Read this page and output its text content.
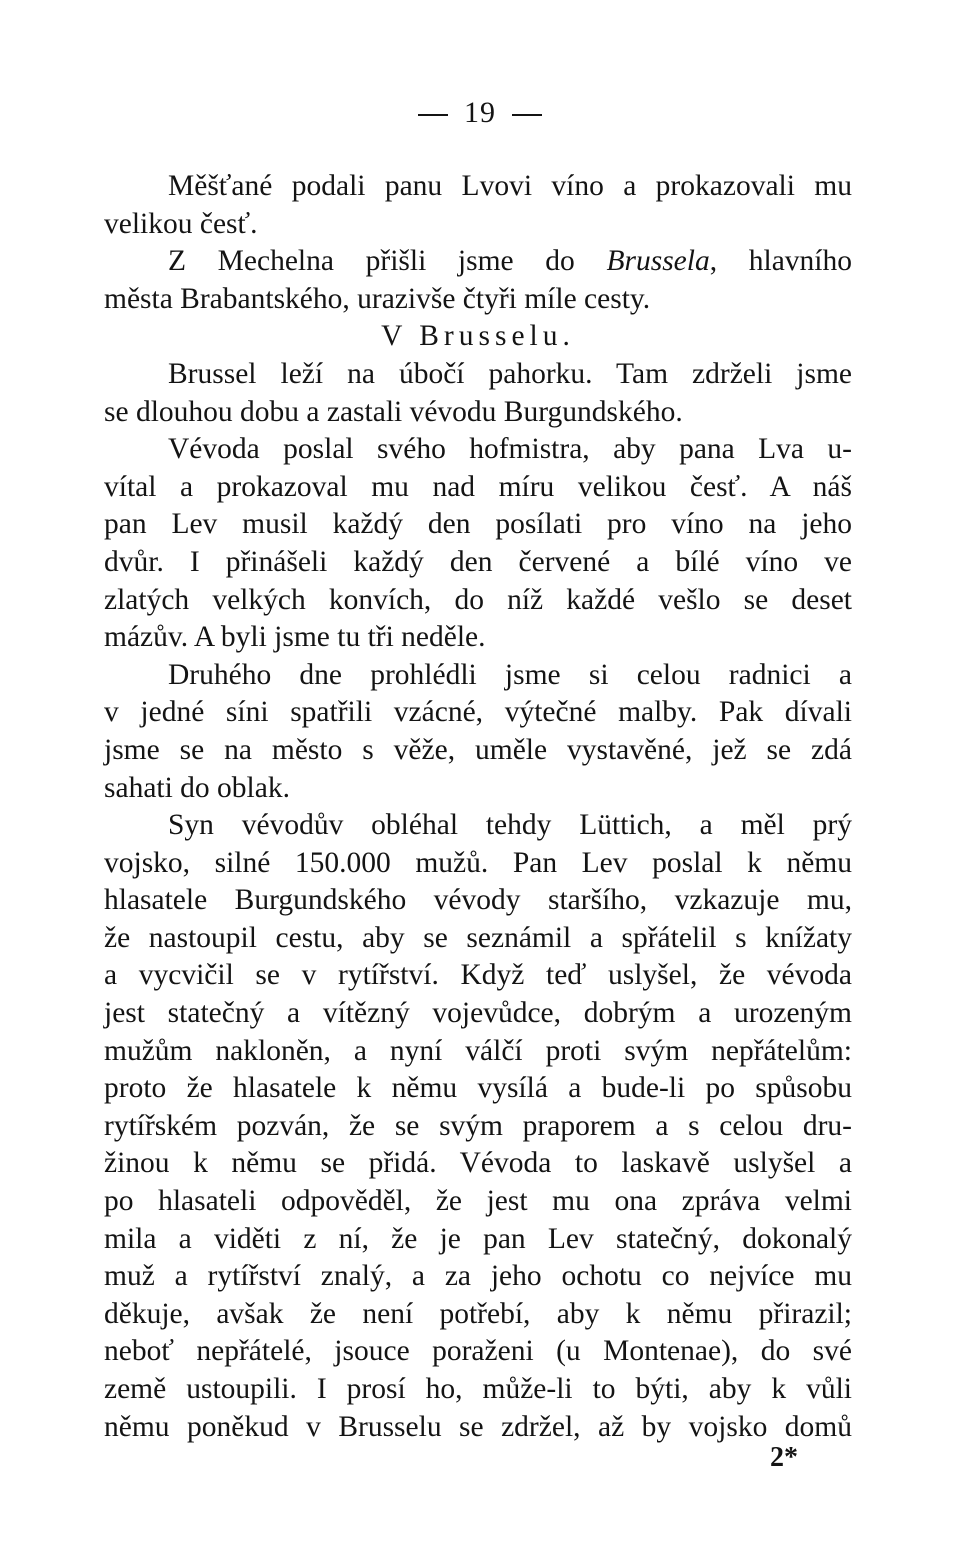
19
Měšťané podali panu Lvovi víno a prokazovali mu
velikou česť.
Z Mechelna přišli jsme do Brussela, hlavního
města Brabantského, urazivše čtyři míle cesty.
V Brusselu.
Brussel leží na úbočí pahorku. Tam zdrželi jsme
se dlouhou dobu a zastali vévodu Burgundského.
Vévoda poslal svého hofmistra, aby pana Lva u-
vítal a prokazoval mu nad míru velikou česť. A náš
pan Lev musil každý den posílati pro víno na jeho
dvůr. I přinášeli každý den červené a bílé víno ve
zlatých velkých konvích, do níž každé vešlo se deset
mázův. A byli jsme tu tři neděle.
Druhého dne prohlédli jsme si celou radnici a
v jedné síni spatřili vzácné, výtečné malby. Pak dívali
jsme se na město s věže, uměle vystavěné, jež se zdá
sahati do oblak.
Syn vévodův obléhal tehdy Lüttich, a měl prý
vojsko, silné 150.000 mužů. Pan Lev poslal k němu
hlasatele Burgundského vévody staršího, vzkazuje mu,
že nastoupil cestu, aby se seznámil a spřátelil s knížaty
a vycvičil se v rytířství. Když teď uslyšel, že vévoda
jest statečný a vítězný vojevůdce, dobrým a urozeným
mužům nakloněn, a nyní válčí proti svým nepřátelům:
proto že hlasatele k němu vysílá a bude-li po spůsobu
rytířském pozván, že se svým praporem a s celou dru-
žinou k němu se přidá. Vévoda to laskavě uslyšel a
po hlasateli odpověděl, že jest mu ona zpráva velmi
mila a viděti z ní, že je pan Lev statečný, dokonalý
muž a rytířství znalý, a za jeho ochotu co nejvíce mu
děkuje, avšak že není potřebí, aby k němu přirazil;
neboť nepřátelé, jsouce poraženi (u Montenae), do své
země ustoupili. I prosí ho, může-li to býti, aby k vůli
němu poněkud v Brusselu se zdržel, až by vojsko domů
2*
